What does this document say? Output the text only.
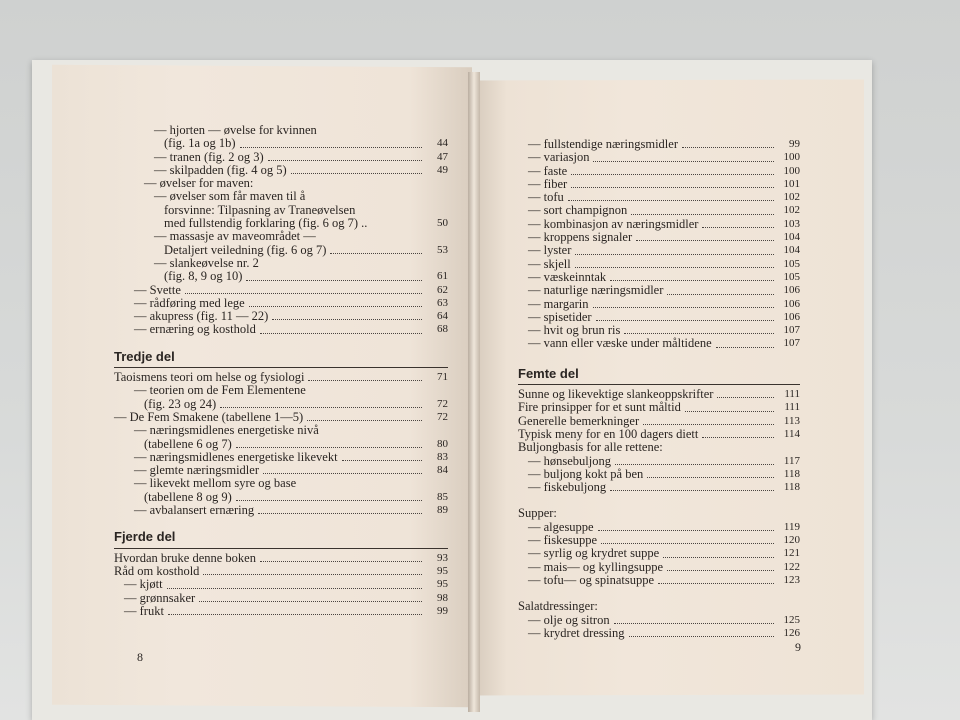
— hjorten — øvelse for kvinnen
(fig. 1a og 1b)	44
— tranen (fig. 2 og 3)	47
— skilpadden (fig. 4 og 5)	49
— øvelser for maven:
— øvelser som får maven til å
forsvinne: Tilpasning av Traneøvelsen
med fullstendig forklaring (fig. 6 og 7) ..	50
— massasje av maveområdet —
Detaljert veiledning (fig. 6 og 7)	53
— slankeøvelse nr. 2
(fig. 8, 9 og 10)	61
— Svette	62
— rådføring med lege	63
— akupress (fig. 11 — 22)	64
— ernæring og kosthold	68
Tredje del
Taoismens teori om helse og fysiologi	71
— teorien om de Fem Elementene
(fig. 23 og 24)	72
— De Fem Smakene (tabellene 1—5)	72
— næringsmidlenes energetiske nivå
(tabellene 6 og 7)	80
— næringsmidlenes energetiske likevekt	83
— glemte næringsmidler	84
— likevekt mellom syre og base
(tabellene 8 og 9)	85
— avbalansert ernæring	89
Fjerde del
Hvordan bruke denne boken	93
Råd om kosthold	95
— kjøtt	95
— grønnsaker	98
— frukt	99
— fullstendige næringsmidler	99
— variasjon	100
— faste	100
— fiber	101
— tofu	102
— sort champignon	102
— kombinasjon av næringsmidler	103
— kroppens signaler	104
— lyster	104
— skjell	105
— væskeinntak	105
— naturlige næringsmidler	106
— margarin	106
— spisetider	106
— hvit og brun ris	107
— vann eller væske under måltidene	107
Femte del
Sunne og likevektige slankeoppskrifter	111
Fire prinsipper for et sunt måltid	111
Generelle bemerkninger	113
Typisk meny for en 100 dagers diett	114
Buljongbasis for alle rettene:
— hønsebuljong	117
— buljong kokt på ben	118
— fiskebuljong	118
Supper:
— algesuppe	119
— fiskesuppe	120
— syrlig og krydret suppe	121
— mais— og kyllingsuppe	122
— tofu— og spinatsuppe	123
Salatdressinger:
— olje og sitron	125
— krydret dressing	126
8
9
